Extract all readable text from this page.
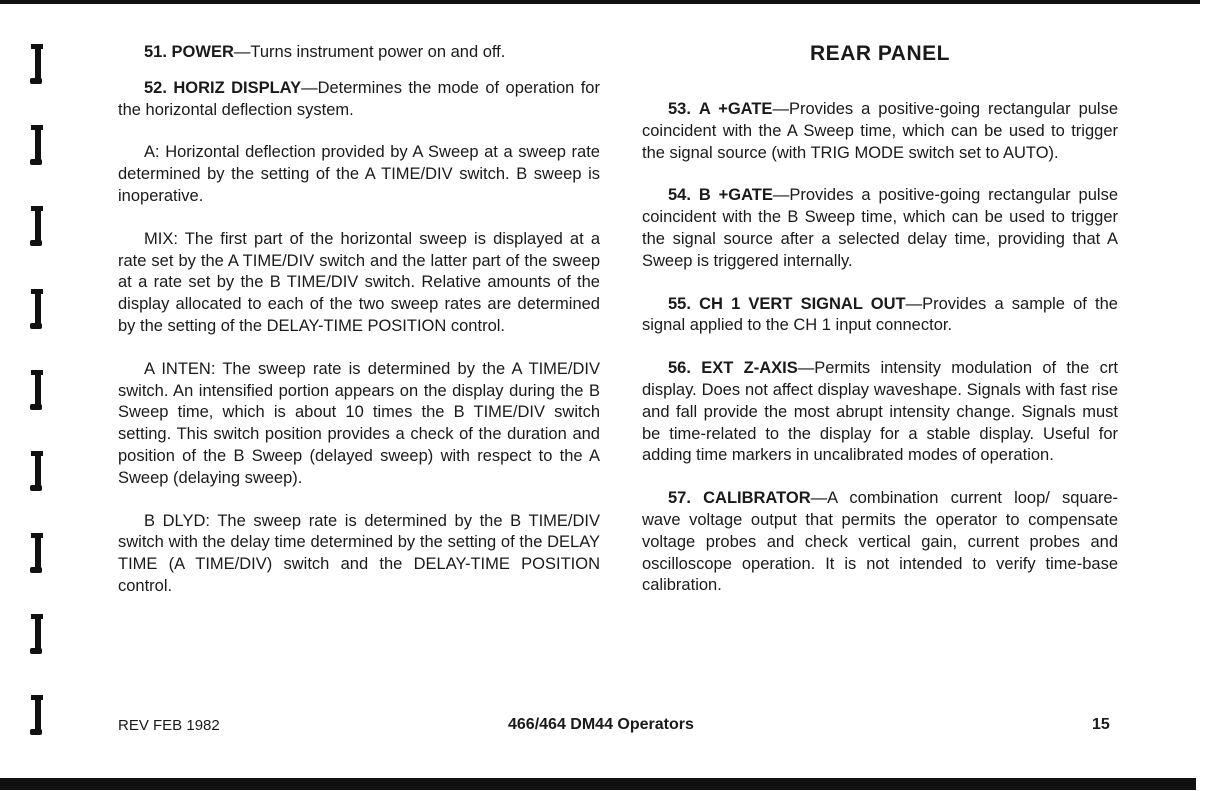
51. POWER—Turns instrument power on and off.

52. HORIZ DISPLAY—Determines the mode of operation for the horizontal deflection system.

A: Horizontal deflection provided by A Sweep at a sweep rate determined by the setting of the A TIME/DIV switch. B sweep is inoperative.

MIX: The first part of the horizontal sweep is displayed at a rate set by the A TIME/DIV switch and the latter part of the sweep at a rate set by the B TIME/DIV switch. Relative amounts of the display allocated to each of the two sweep rates are determined by the setting of the DELAY-TIME POSITION control.

A INTEN: The sweep rate is determined by the A TIME/DIV switch. An intensified portion appears on the display during the B Sweep time, which is about 10 times the B TIME/DIV switch setting. This switch position provides a check of the duration and position of the B Sweep (delayed sweep) with respect to the A Sweep (delaying sweep).

B DLYD: The sweep rate is determined by the B TIME/DIV switch with the delay time determined by the setting of the DELAY TIME (A TIME/DIV) switch and the DELAY-TIME POSITION control.

REAR PANEL

53. A +GATE—Provides a positive-going rectangular pulse coincident with the A Sweep time, which can be used to trigger the signal source (with TRIG MODE switch set to AUTO).

54. B +GATE—Provides a positive-going rectangular pulse coincident with the B Sweep time, which can be used to trigger the signal source after a selected delay time, providing that A Sweep is triggered internally.

55. CH 1 VERT SIGNAL OUT—Provides a sample of the signal applied to the CH 1 input connector.

56. EXT Z-AXIS—Permits intensity modulation of the crt display. Does not affect display waveshape. Signals with fast rise and fall provide the most abrupt intensity change. Signals must be time-related to the display for a stable display. Useful for adding time markers in uncalibrated modes of operation.

57. CALIBRATOR—A combination current loop/ square-wave voltage output that permits the operator to compensate voltage probes and check vertical gain, current probes and oscilloscope operation. It is not intended to verify time-base calibration.

REV FEB 1982	466/464 DM44 Operators	15
